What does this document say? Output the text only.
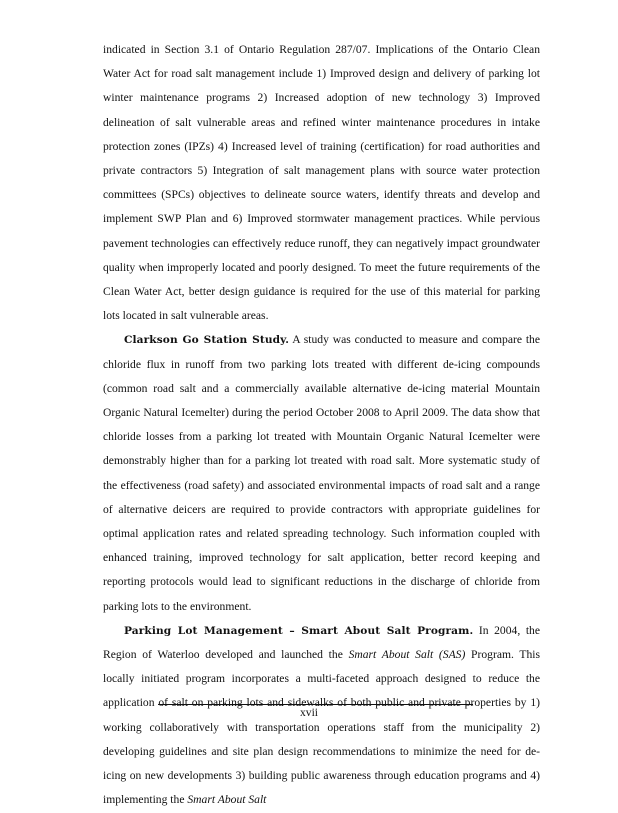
indicated in Section 3.1 of Ontario Regulation 287/07. Implications of the Ontario Clean Water Act for road salt management include 1) Improved design and delivery of parking lot winter maintenance programs 2) Increased adoption of new technology 3) Improved delineation of salt vulnerable areas and refined winter maintenance procedures in intake protection zones (IPZs) 4) Increased level of training (certification) for road authorities and private contractors 5) Integration of salt management plans with source water protection committees (SPCs) objectives to delineate source waters, identify threats and develop and implement SWP Plan and 6) Improved stormwater management practices. While pervious pavement technologies can effectively reduce runoff, they can negatively impact groundwater quality when improperly located and poorly designed. To meet the future requirements of the Clean Water Act, better design guidance is required for the use of this material for parking lots located in salt vulnerable areas.

Clarkson Go Station Study. A study was conducted to measure and compare the chloride flux in runoff from two parking lots treated with different de-icing compounds (common road salt and a commercially available alternative de-icing material Mountain Organic Natural Icemelter) during the period October 2008 to April 2009. The data show that chloride losses from a parking lot treated with Mountain Organic Natural Icemelter were demonstrably higher than for a parking lot treated with road salt. More systematic study of the effectiveness (road safety) and associated environmental impacts of road salt and a range of alternative deicers are required to provide contractors with appropriate guidelines for optimal application rates and related spreading technology. Such information coupled with enhanced training, improved technology for salt application, better record keeping and reporting protocols would lead to significant reductions in the discharge of chloride from parking lots to the environment.

Parking Lot Management – Smart About Salt Program. In 2004, the Region of Waterloo developed and launched the Smart About Salt (SAS) Program. This locally initiated program incorporates a multi-faceted approach designed to reduce the application of salt on parking lots and sidewalks of both public and private properties by 1) working collaboratively with transportation operations staff from the municipality 2) developing guidelines and site plan design recommendations to minimize the need for de-icing on new developments 3) building public awareness through education programs and 4) implementing the Smart About Salt

xvii
